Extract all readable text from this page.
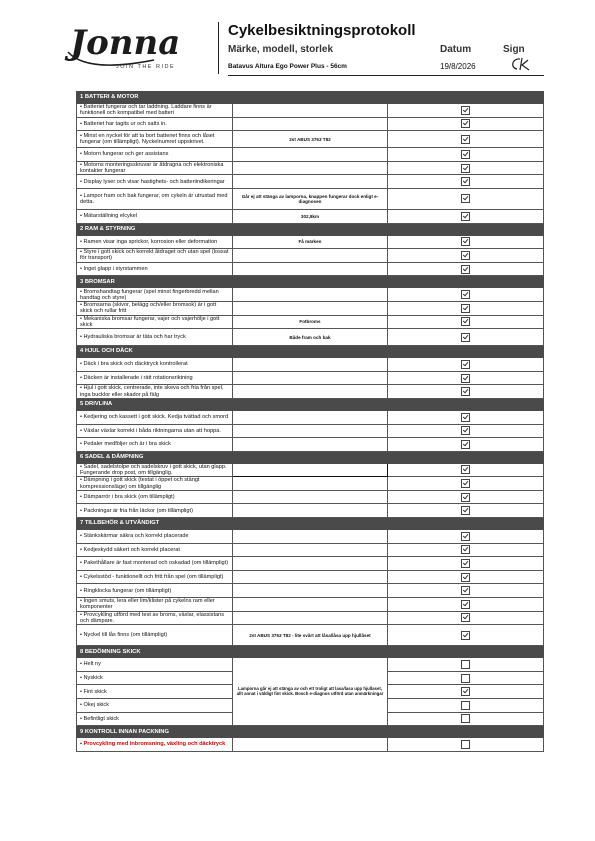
Jonna
JOIN THE RIDE
Cykelbesiktningsprotokoll
Märke, modell, storlek	Datum	Sign
Batavus Altura Ego Power Plus - 56cm	19/8/2026
1 BATTERI & MOTOR		
• Batteriet fungerar och tar laddning. Laddare finns är funktionell och kompatibel med batteri		
• Batteriet har tagits ur och satts in.		
• Minst en nyckel för att ta bort batteriet finns och låset fungerar (om tillämpligt). Nyckelnumret uppskrivet.	2st ABUS 3763 T82	
• Motorn fungerar och ger assistans		
• Motorns monteringsskruvar är åtdragna och elektroniska kontakter fungerar		
• Display lyser och visar hastighets- och batteriindikeringar		
• Lampor fram och bak fungerar, om cykeln är utrustad med detta.	Går ej att stänga av lamporna, knappen fungerar dock enligt e-diagnosen	
• Mätarställning elcykel	302,8km	
2 RAM & STYRNING		
• Ramen visar inga sprickor, korrosion eller deformation	Få märken	
• Styre i gott skick och korrekt åtdraget och utan spel (lossat för transport)		
• Inget glapp i styrstammen		
3 BROMSAR		
• Bromshandtag fungerar (spel minst fingerbredd mellan handtag och styre)		
• Bromsarna (skivor, belägg och/eller bromsok) är i gott skick och rullar fritt		
• Mekaniska bromsar fungerar, vajer och vajerhölje i gott skick	Fotbroms	
• Hydrauliska bromsar är täta och har tryck	Både fram och bak	
4 HJUL OCH DÄCK		
• Däck i bra skick och däcktryck kontrollerat		
• Däcken är installerade i rätt rotationsriktning		
• Hjul i gott skick, centrerade, inte skeva och fria från spel, inga bucklor eller skador på fälg		
5 DRIVLINA		
• Kedjering och kassett i gott skick. Kedja tvättad och smord		
• Växlar växlar korrekt i båda riktningarna utan att hoppa.		
• Pedaler medföljer och är i bra skick		
6 SADEL & DÄMPNING		
• Sadel, sadelstolpe och sadelskruv i gott skick, utan glapp. Fungerande drop post, om tillgänglig.		
• Dämpning i gott skick (testat i öppet och stängt kompressionsläge) om tillgänglig		
• Dämparrör i bra skick (om tillämpligt)		
• Packningar är fria från läckor (om tillämpligt)		
7 TILLBEHÖR & UTVÄNDIGT		
• Stänkskärmar säkra och korrekt placerade		
• Kedjeskydd säkert och korrekt placerat		
• Pakethållare är fast monterad och oskadad (om tillämpligt)		
• Cykelsstöd - funktionellt och fritt från spel (om tillämpligt)		
• Ringklocka fungerar (om tillämpligt)		
• Ingen smuts, lera eller lim/klister på cykelns ram eller komponenter		
• Provcykling utförd med test av broms, växlar, elassistans och dämpare.		
• Nyckel till lås finns (om tillämpligt)	2st ABUS 3763 T82 - lite svårt att låsa/låsa upp hjullåset	
8 BEDÖMNING SKICK		
• Helt ny	Lamporna går ej att stänga av och ett troligt att lasa/lasa upp hjullaset, allt annat i väldigt fint skick. Bosch e-diagnos utförd utan anmärkningar	
• Nyskick		
• Fint skick		
• Okej skick		
• Befintligt skick		
9 KONTROLL INNAN PACKNING		
• Provcykling med inbromsning, växling och däcktryck		
